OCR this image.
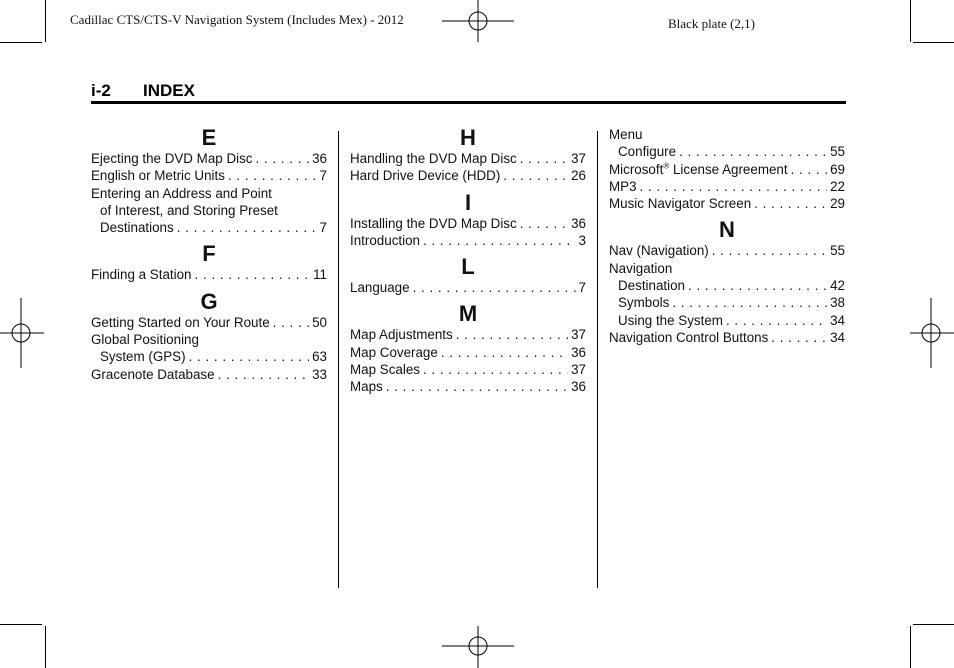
Cadillac CTS/CTS-V Navigation System (Includes Mex) - 2012	Black plate (2,1)
i-2 INDEX
E
Ejecting the DVD Map Disc . . .	36
English or Metric Units . . .	7
Entering an Address and Point
of Interest, and Storing Preset
Destinations . . .	7
F
Finding a Station . . .	11
G
Getting Started on Your Route . . .	50
Global Positioning
System (GPS) . . .	63
Gracenote Database . . .	33
H
Handling the DVD Map Disc . . .	37
Hard Drive Device (HDD) . . .	26
I
Installing the DVD Map Disc . . .	36
Introduction . . .	3
L
Language . . .	7
M
Map Adjustments . . .	37
Map Coverage . . .	36
Map Scales . . .	37
Maps . . .	36
Menu
Configure . . .	55
Microsoft® License Agreement . . .	69
MP3 . . .	22
Music Navigator Screen . . .	29
N
Nav (Navigation) . . .	55
Navigation
Destination . . .	42
Symbols . . .	38
Using the System . . .	34
Navigation Control Buttons . . .	34
